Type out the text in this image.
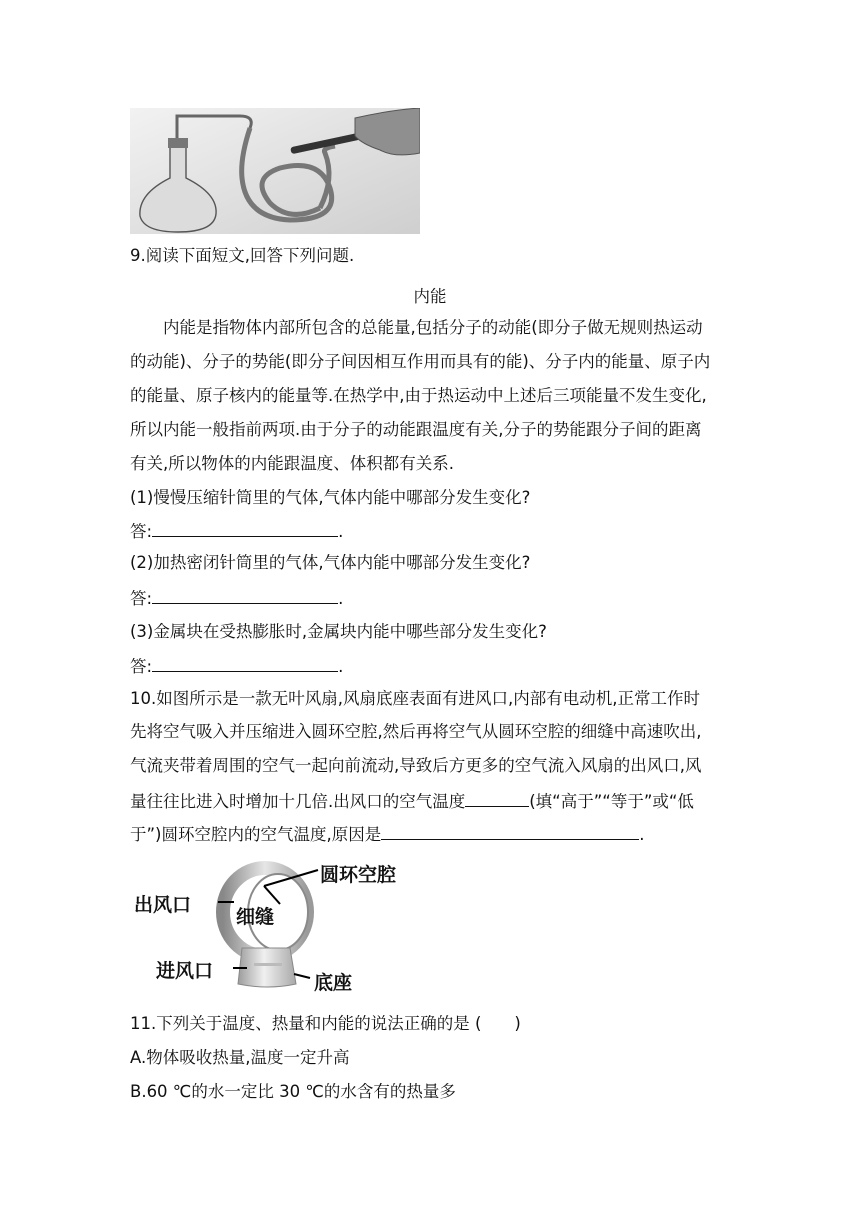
9.阅读下面短文,回答下列问题.
内能
内能是指物体内部所包含的总能量,包括分子的动能(即分子做无规则热运动
的动能)、分子的势能(即分子间因相互作用而具有的能)、分子内的能量、原子内
的能量、原子核内的能量等.在热学中,由于热运动中上述后三项能量不发生变化,
所以内能一般指前两项.由于分子的动能跟温度有关,分子的势能跟分子间的距离
有关,所以物体的内能跟温度、体积都有关系.
(1)慢慢压缩针筒里的气体,气体内能中哪部分发生变化?
答:	.
(2)加热密闭针筒里的气体,气体内能中哪部分发生变化?
答:	.
(3)金属块在受热膨胀时,金属块内能中哪些部分发生变化?
答:	.
10.如图所示是一款无叶风扇,风扇底座表面有进风口,内部有电动机,正常工作时
先将空气吸入并压缩进入圆环空腔,然后再将空气从圆环空腔的细缝中高速吹出,
气流夹带着周围的空气一起向前流动,导致后方更多的空气流入风扇的出风口,风
量往往比进入时增加十几倍.出风口的空气温度	(填“高于”“等于”或“低
于”)圆环空腔内的空气温度,原因是	.
圆环空腔
出风口
细缝
进风口
底座
11.下列关于温度、热量和内能的说法正确的是 (　　)
A.物体吸收热量,温度一定升高
B.60 ℃的水一定比 30 ℃的水含有的热量多
